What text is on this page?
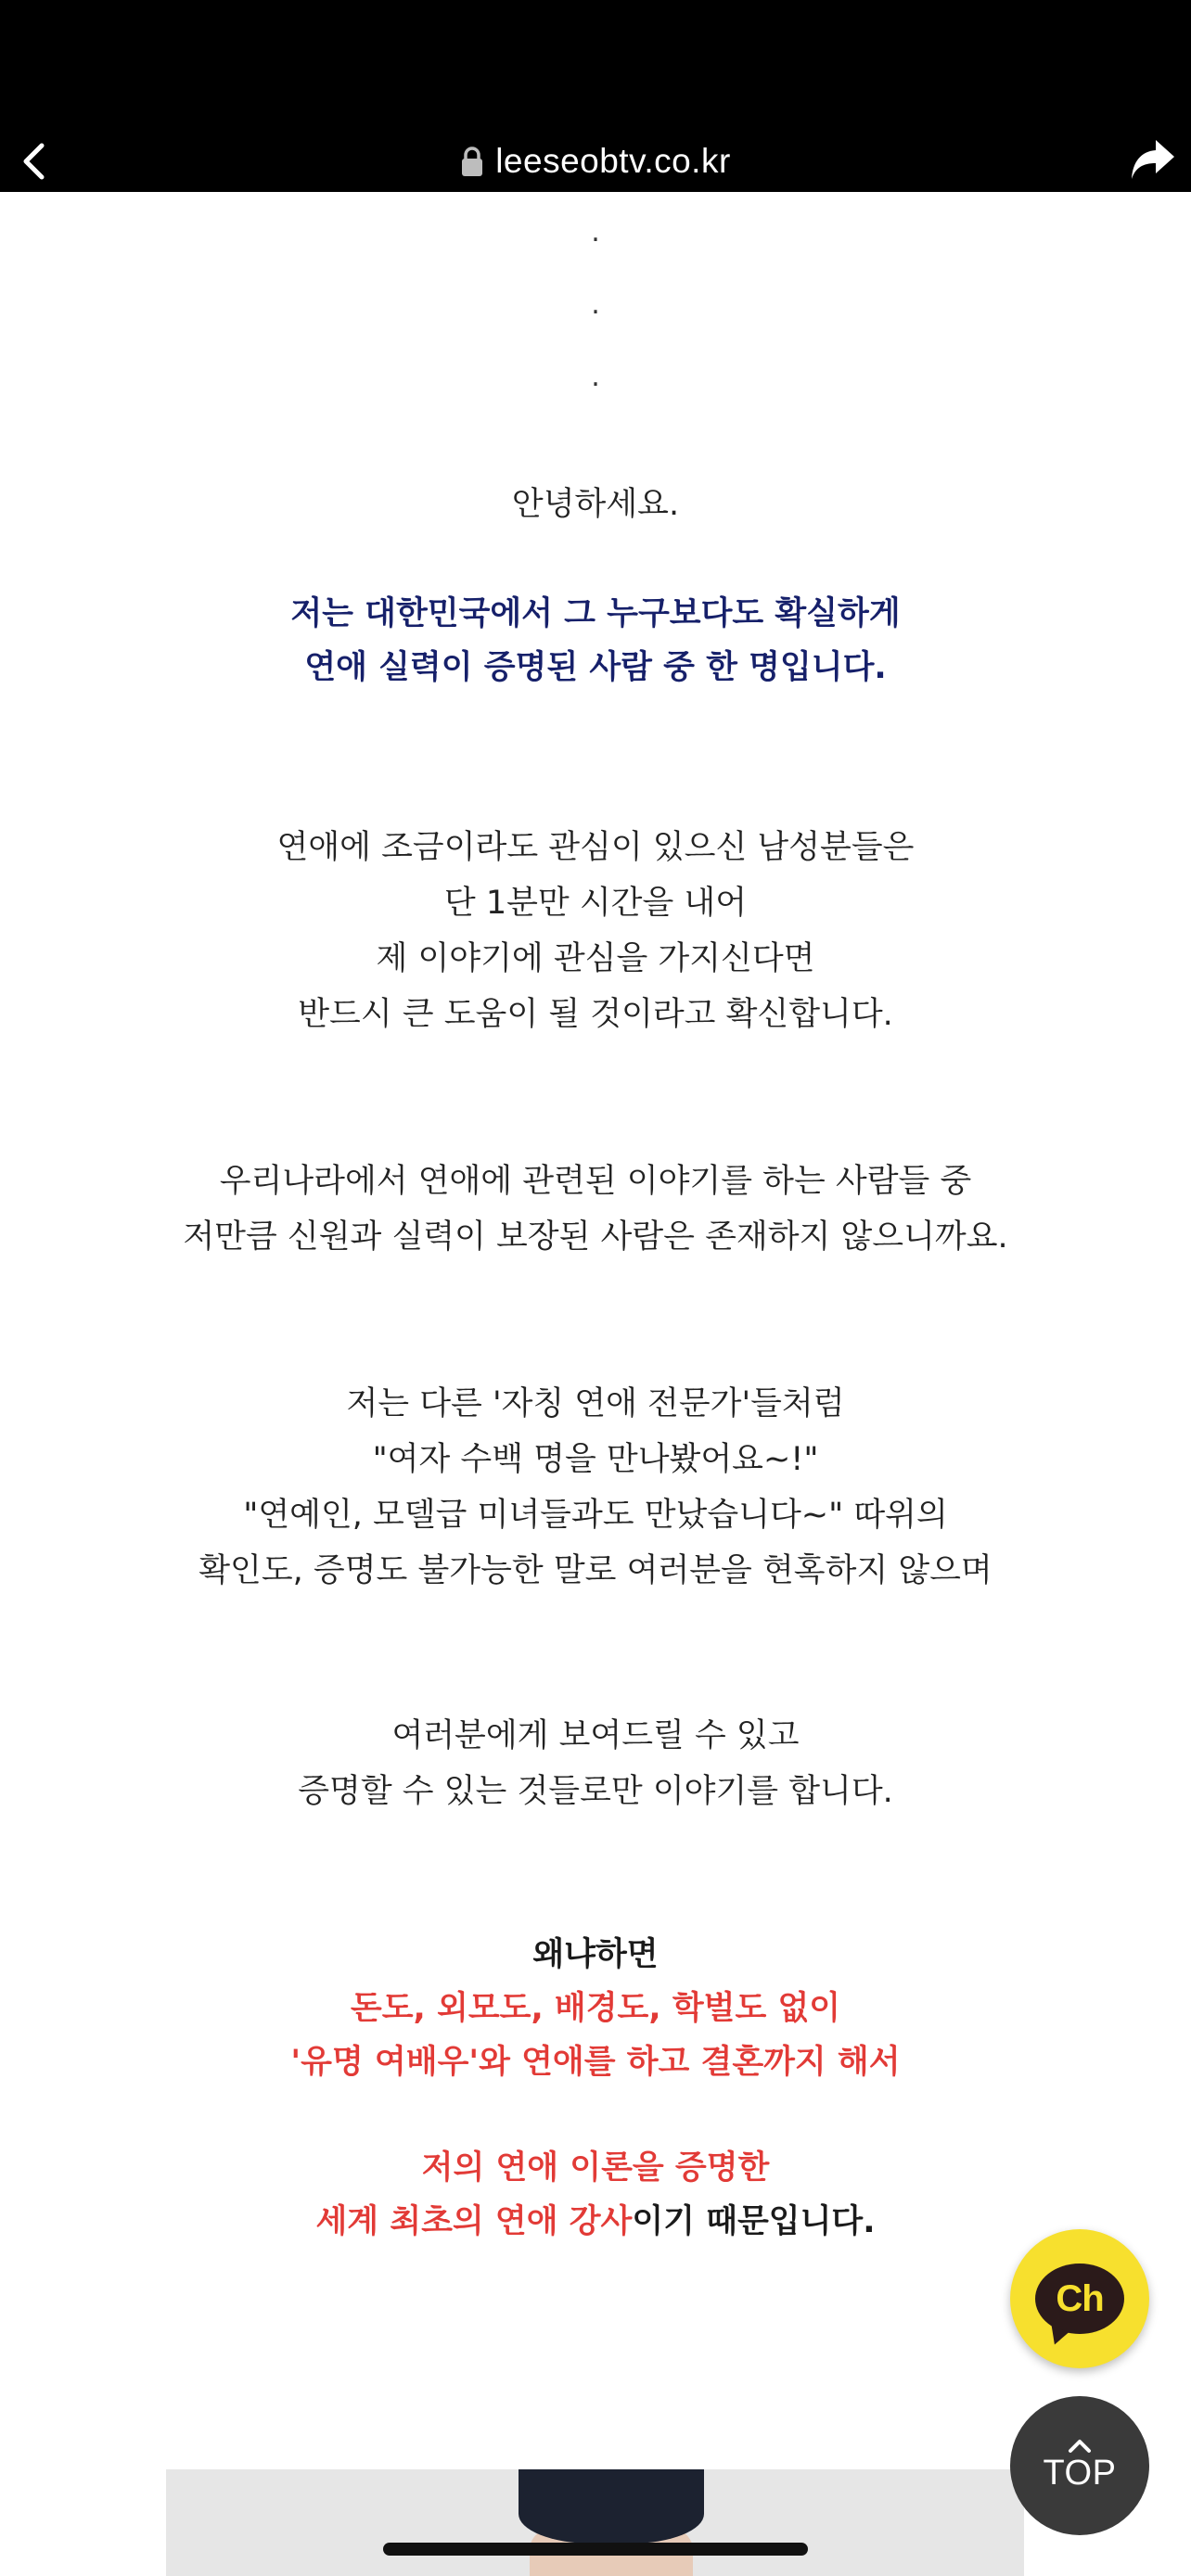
leeseobtv.co.kr
.
.
.
안녕하세요.
저는 대한민국에서 그 누구보다도 확실하게
연애 실력이 증명된 사람 중 한 명입니다.
연애에 조금이라도 관심이 있으신 남성분들은
단 1분만 시간을 내어
제 이야기에 관심을 가지신다면
반드시 큰 도움이 될 것이라고 확신합니다.
우리나라에서 연애에 관련된 이야기를 하는 사람들 중
저만큼 신원과 실력이 보장된 사람은 존재하지 않으니까요.
저는 다른 '자칭 연애 전문가'들처럼
"여자 수백 명을 만나봤어요~!"
"연예인, 모델급 미녀들과도 만났습니다~" 따위의
확인도, 증명도 불가능한 말로 여러분을 현혹하지 않으며
여러분에게 보여드릴 수 있고
증명할 수 있는 것들로만 이야기를 합니다.
왜냐하면
돈도, 외모도, 배경도, 학벌도 없이
'유명 여배우'와 연애를 하고 결혼까지 해서
저의 연애 이론을 증명한
세계 최초의 연애 강사이기 때문입니다.
Ch
TOP
